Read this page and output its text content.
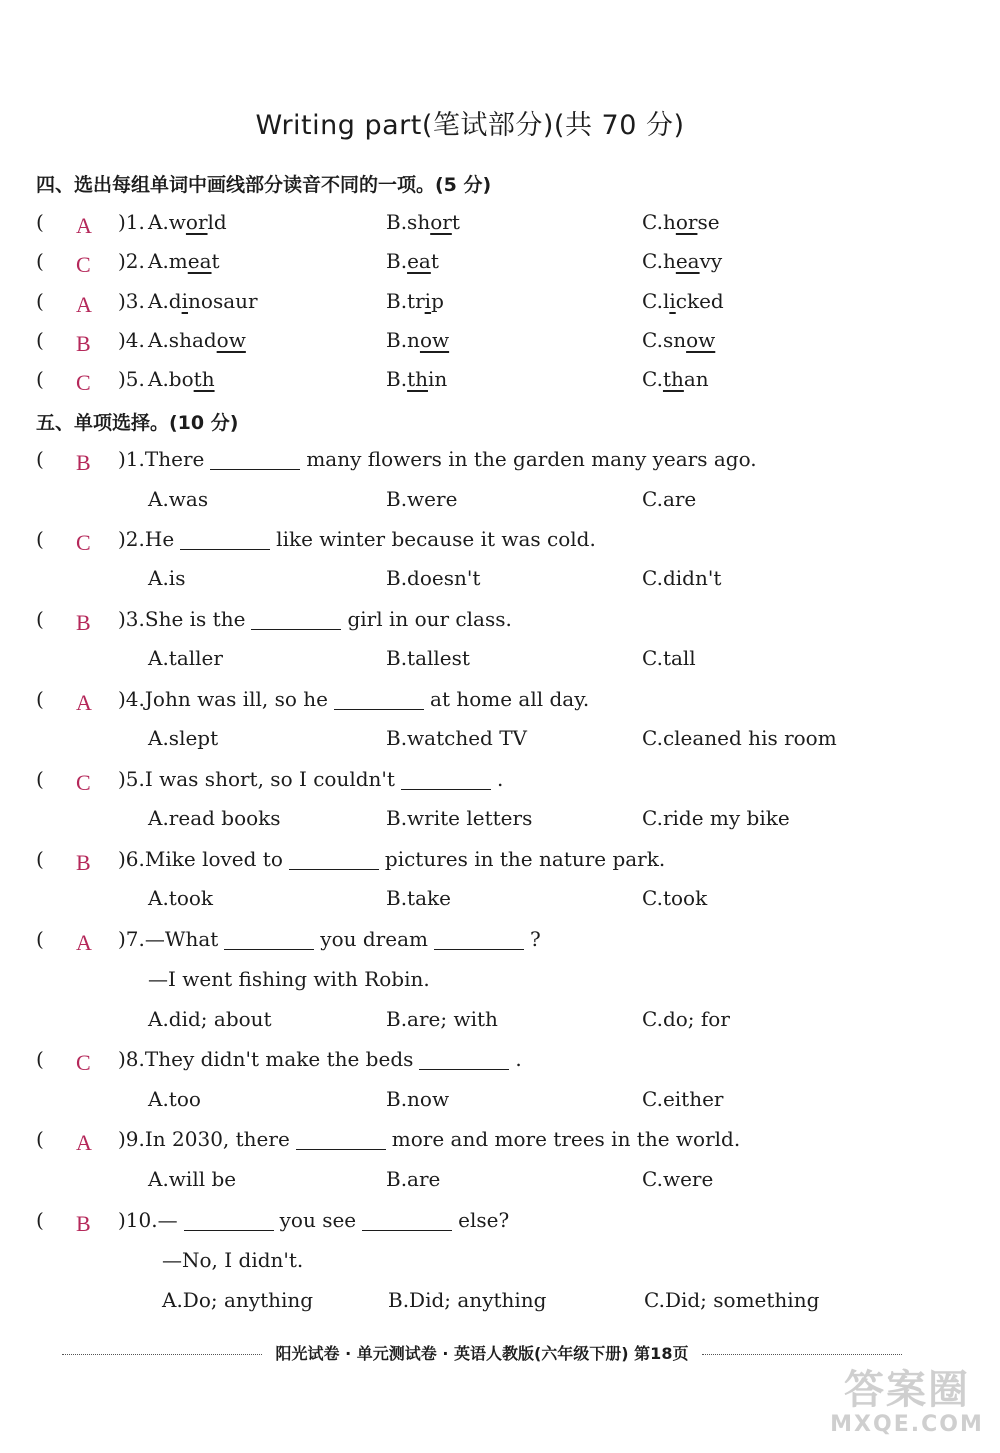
Writing part(笔试部分)(共 70 分)
四、选出每组单词中画线部分读音不同的一项。(5 分)
( A )1. A.world	B.short	C.horse
( C )2. A.meat	B.eat	C.heavy
( A )3. A.dinosaur	B.trip	C.licked
( B )4. A.shadow	B.now	C.snow
( C )5. A.both	B.thin	C.than
五、单项选择。(10 分)
( B )1.There	many flowers in the garden many years ago.
A.was	B.were	C.are
( C )2.He	like winter because it was cold.
A.is	B.doesn't	C.didn't
( B )3.She is the	girl in our class.
A.taller	B.tallest	C.tall
( A )4.John was ill, so he	at home all day.
A.slept	B.watched TV	C.cleaned his room
( C )5.I was short, so I couldn't	.
A.read books	B.write letters	C.ride my bike
( B )6.Mike loved to	pictures in the nature park.
A.took	B.take	C.took
( A )7.—What	you dream	?
—I went fishing with Robin.
A.did; about	B.are; with	C.do; for
( C )8.They didn't make the beds	.
A.too	B.now	C.either
( A )9.In 2030, there	more and more trees in the world.
A.will be	B.are	C.were
( B )10.—	you see	else?
—No, I didn't.
A.Do; anything	B.Did; anything	C.Did; something
阳光试卷 · 单元测试卷 · 英语人教版(六年级下册) 第18页
答案圈
MXQE.COM
